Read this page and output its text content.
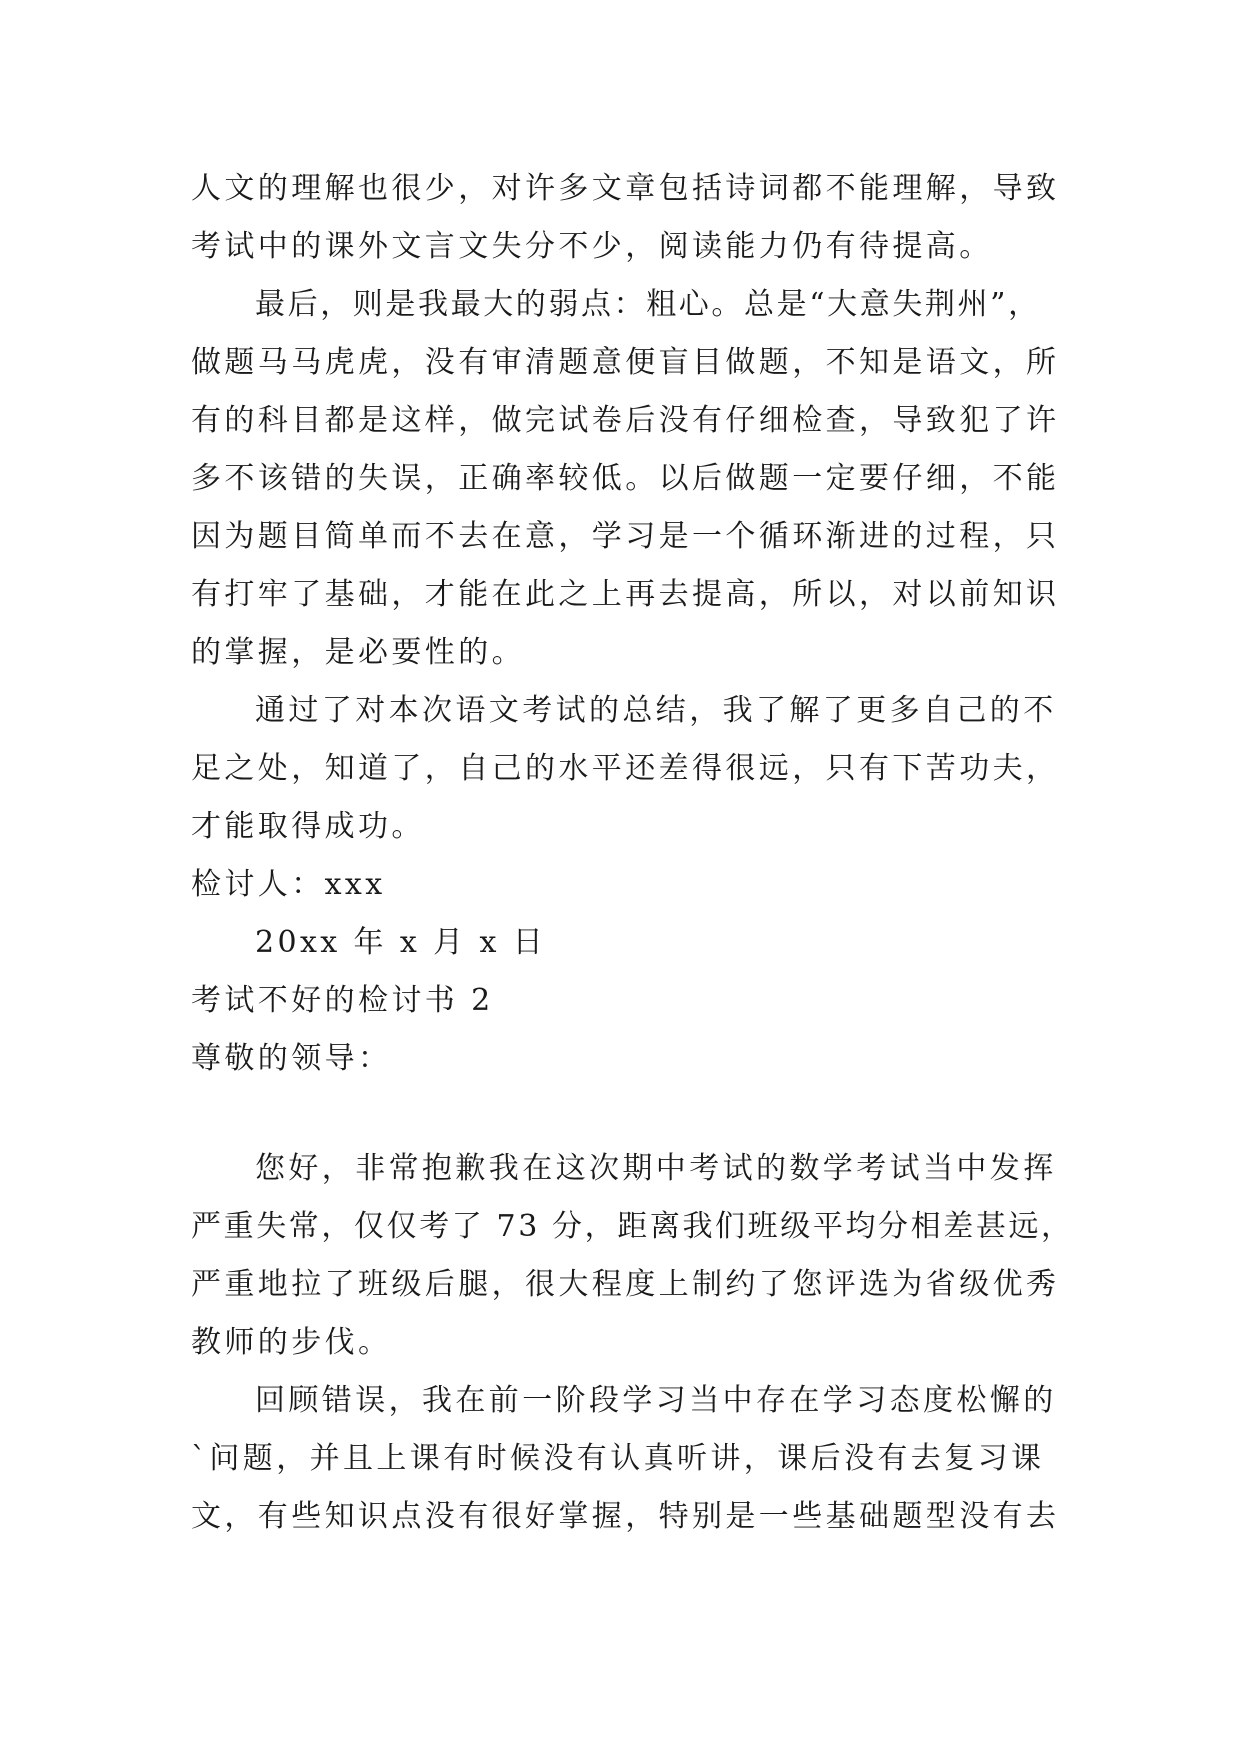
人文的理解也很少，对许多文章包括诗词都不能理解，导致
考试中的课外文言文失分不少，阅读能力仍有待提高。
最后，则是我最大的弱点：粗心。总是“大意失荆州”，
做题马马虎虎，没有审清题意便盲目做题，不知是语文，所
有的科目都是这样，做完试卷后没有仔细检查，导致犯了许
多不该错的失误，正确率较低。以后做题一定要仔细，不能
因为题目简单而不去在意，学习是一个循环渐进的过程，只
有打牢了基础，才能在此之上再去提高，所以，对以前知识
的掌握，是必要性的。
通过了对本次语文考试的总结，我了解了更多自己的不
足之处，知道了，自己的水平还差得很远，只有下苦功夫，
才能取得成功。
检讨人：xxx
20xx 年 x 月 x 日
考试不好的检讨书 2
尊敬的领导：
您好，非常抱歉我在这次期中考试的数学考试当中发挥
严重失常，仅仅考了 73 分，距离我们班级平均分相差甚远，
严重地拉了班级后腿，很大程度上制约了您评选为省级优秀
教师的步伐。
回顾错误，我在前一阶段学习当中存在学习态度松懈的
`问题，并且上课有时候没有认真听讲，课后没有去复习课
文，有些知识点没有很好掌握，特别是一些基础题型没有去
